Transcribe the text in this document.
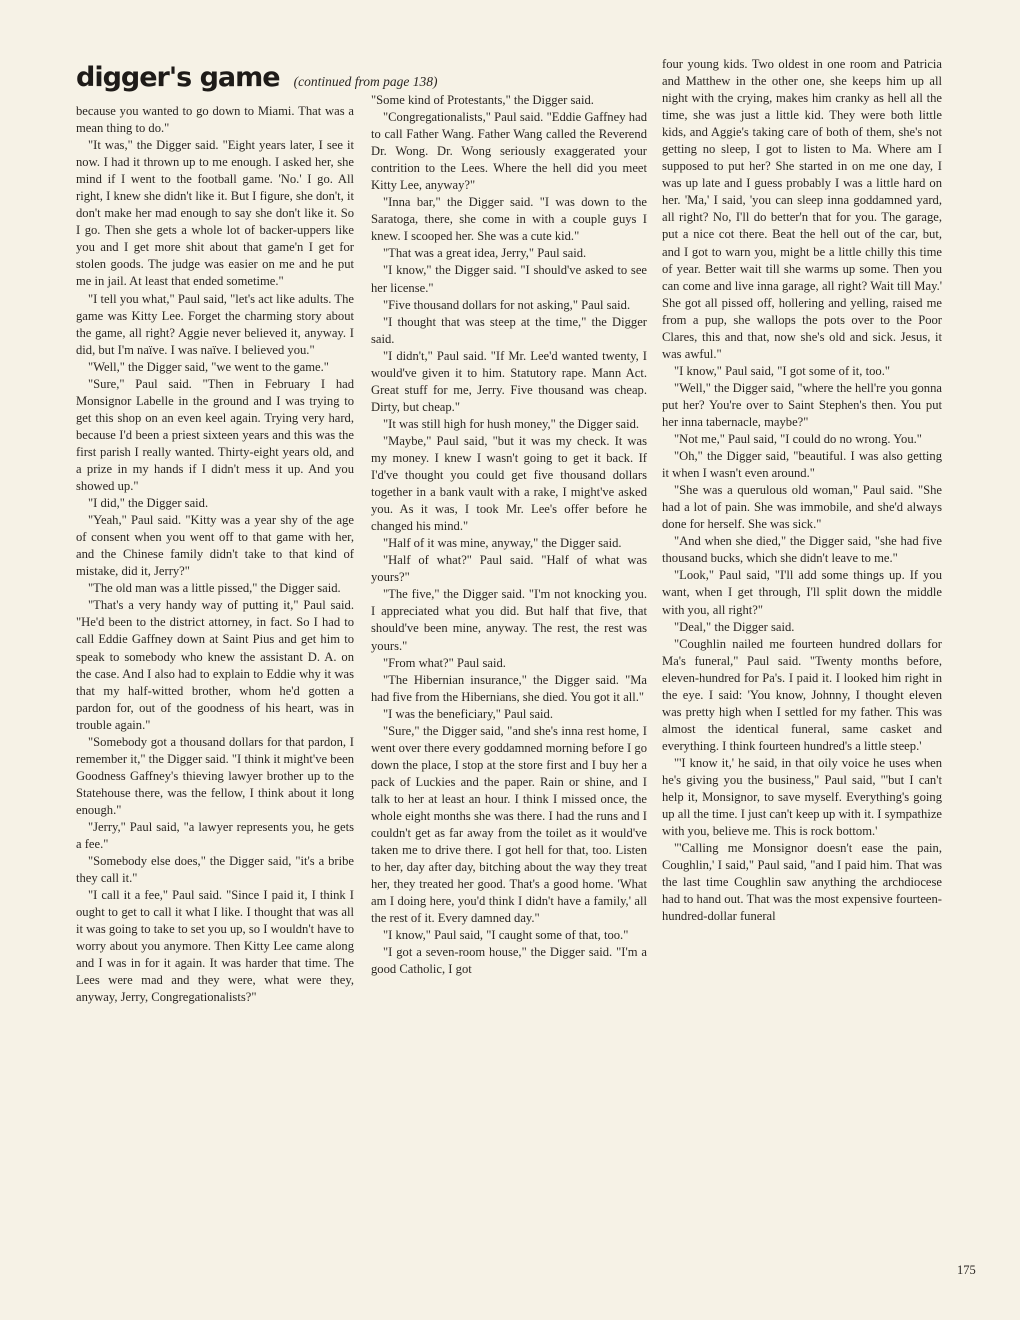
digger's game (continued from page 138)

because you wanted to go down to Miami. That was a mean thing to do."

"It was," the Digger said. "Eight years later, I see it now. I had it thrown up to me enough. I asked her, she mind if I went to the football game. 'No.' I go. All right, I knew she didn't like it. But I figure, she don't, it don't make her mad enough to say she don't like it. So I go. Then she gets a whole lot of backer-uppers like you and I get more shit about that game'n I get for stolen goods. The judge was easier on me and he put me in jail. At least that ended sometime."

"I tell you what," Paul said, "let's act like adults. The game was Kitty Lee. Forget the charming story about the game, all right? Aggie never believed it, anyway. I did, but I'm naïve. I was naïve. I believed you."

"Well," the Digger said, "we went to the game."

"Sure," Paul said. "Then in February I had Monsignor Labelle in the ground and I was trying to get this shop on an even keel again. Trying very hard, because I'd been a priest sixteen years and this was the first parish I really wanted. Thirty-eight years old, and a prize in my hands if I didn't mess it up. And you showed up."

"I did," the Digger said.

"Yeah," Paul said. "Kitty was a year shy of the age of consent when you went off to that game with her, and the Chinese family didn't take to that kind of mistake, did it, Jerry?"

"The old man was a little pissed," the Digger said.

"That's a very handy way of putting it," Paul said. "He'd been to the district attorney, in fact. So I had to call Eddie Gaffney down at Saint Pius and get him to speak to somebody who knew the assistant D. A. on the case. And I also had to explain to Eddie why it was that my half-witted brother, whom he'd gotten a pardon for, out of the goodness of his heart, was in trouble again."

"Somebody got a thousand dollars for that pardon, I remember it," the Digger said. "I think it might've been Goodness Gaffney's thieving lawyer brother up to the Statehouse there, was the fellow, I think about it long enough."

"Jerry," Paul said, "a lawyer represents you, he gets a fee."

"Somebody else does," the Digger said, "it's a bribe they call it."

"I call it a fee," Paul said. "Since I paid it, I think I ought to get to call it what I like. I thought that was all it was going to take to set you up, so I wouldn't have to worry about you anymore. Then Kitty Lee came along and I was in for it again. It was harder that time. The Lees were mad and they were, what were they, anyway, Jerry, Congregationalists?"

"Some kind of Protestants," the Digger said.

"Congregationalists," Paul said. "Eddie Gaffney had to call Father Wang. Father Wang called the Reverend Dr. Wong. Dr. Wong seriously exaggerated your contrition to the Lees. Where the hell did you meet Kitty Lee, anyway?"

"Inna bar," the Digger said. "I was down to the Saratoga, there, she come in with a couple guys I knew. I scooped her. She was a cute kid."

"That was a great idea, Jerry," Paul said.

"I know," the Digger said. "I should've asked to see her license."

"Five thousand dollars for not asking," Paul said.

"I thought that was steep at the time," the Digger said.

"I didn't," Paul said. "If Mr. Lee'd wanted twenty, I would've given it to him. Statutory rape. Mann Act. Great stuff for me, Jerry. Five thousand was cheap. Dirty, but cheap."

"It was still high for hush money," the Digger said.

"Maybe," Paul said, "but it was my check. It was my money. I knew I wasn't going to get it back. If I'd've thought you could get five thousand dollars together in a bank vault with a rake, I might've asked you. As it was, I took Mr. Lee's offer before he changed his mind."

"Half of it was mine, anyway," the Digger said.

"Half of what?" Paul said. "Half of what was yours?"

"The five," the Digger said. "I'm not knocking you. I appreciated what you did. But half that five, that should've been mine, anyway. The rest, the rest was yours."

"From what?" Paul said.

"The Hibernian insurance," the Digger said. "Ma had five from the Hibernians, she died. You got it all."

"I was the beneficiary," Paul said.

"Sure," the Digger said, "and she's inna rest home, I went over there every goddamned morning before I go down the place, I stop at the store first and I buy her a pack of Luckies and the paper. Rain or shine, and I talk to her at least an hour. I think I missed once, the whole eight months she was there. I had the runs and I couldn't get as far away from the toilet as it would've taken me to drive there. I got hell for that, too. Listen to her, day after day, bitching about the way they treat her, they treated her good. That's a good home. 'What am I doing here, you'd think I didn't have a family,' all the rest of it. Every damned day."

"I know," Paul said, "I caught some of that, too."

"I got a seven-room house," the Digger said. "I'm a good Catholic, I got

four young kids. Two oldest in one room and Patricia and Matthew in the other one, she keeps him up all night with the crying, makes him cranky as hell all the time, she was just a little kid. They were both little kids, and Aggie's taking care of both of them, she's not getting no sleep, I got to listen to Ma. Where am I supposed to put her? She started in on me one day, I was up late and I guess probably I was a little hard on her. 'Ma,' I said, 'you can sleep inna goddamned yard, all right? No, I'll do better'n that for you. The garage, put a nice cot there. Beat the hell out of the car, but, and I got to warn you, might be a little chilly this time of year. Better wait till she warms up some. Then you can come and live inna garage, all right? Wait till May.' She got all pissed off, hollering and yelling, raised me from a pup, she wallops the pots over to the Poor Clares, this and that, now she's old and sick. Jesus, it was awful."

"I know," Paul said, "I got some of it, too."

"Well," the Digger said, "where the hell're you gonna put her? You're over to Saint Stephen's then. You put her inna tabernacle, maybe?"

"Not me," Paul said, "I could do no wrong. You."

"Oh," the Digger said, "beautiful. I was also getting it when I wasn't even around."

"She was a querulous old woman," Paul said. "She had a lot of pain. She was immobile, and she'd always done for herself. She was sick."

"And when she died," the Digger said, "she had five thousand bucks, which she didn't leave to me."

"Look," Paul said, "I'll add some things up. If you want, when I get through, I'll split down the middle with you, all right?"

"Deal," the Digger said.

"Coughlin nailed me fourteen hundred dollars for Ma's funeral," Paul said. "Twenty months before, eleven-hundred for Pa's. I paid it. I looked him right in the eye. I said: 'You know, Johnny, I thought eleven was pretty high when I settled for my father. This was almost the identical funeral, same casket and everything. I think fourteen hundred's a little steep.'

"'I know it,' he said, in that oily voice he uses when he's giving you the business," Paul said, "'but I can't help it, Monsignor, to save myself. Everything's going up all the time. I just can't keep up with it. I sympathize with you, believe me. This is rock bottom.'

"'Calling me Monsignor doesn't ease the pain, Coughlin,' I said," Paul said, "and I paid him. That was the last time Coughlin saw anything the archdiocese had to hand out. That was the most expensive fourteen-hundred-dollar funeral

175
